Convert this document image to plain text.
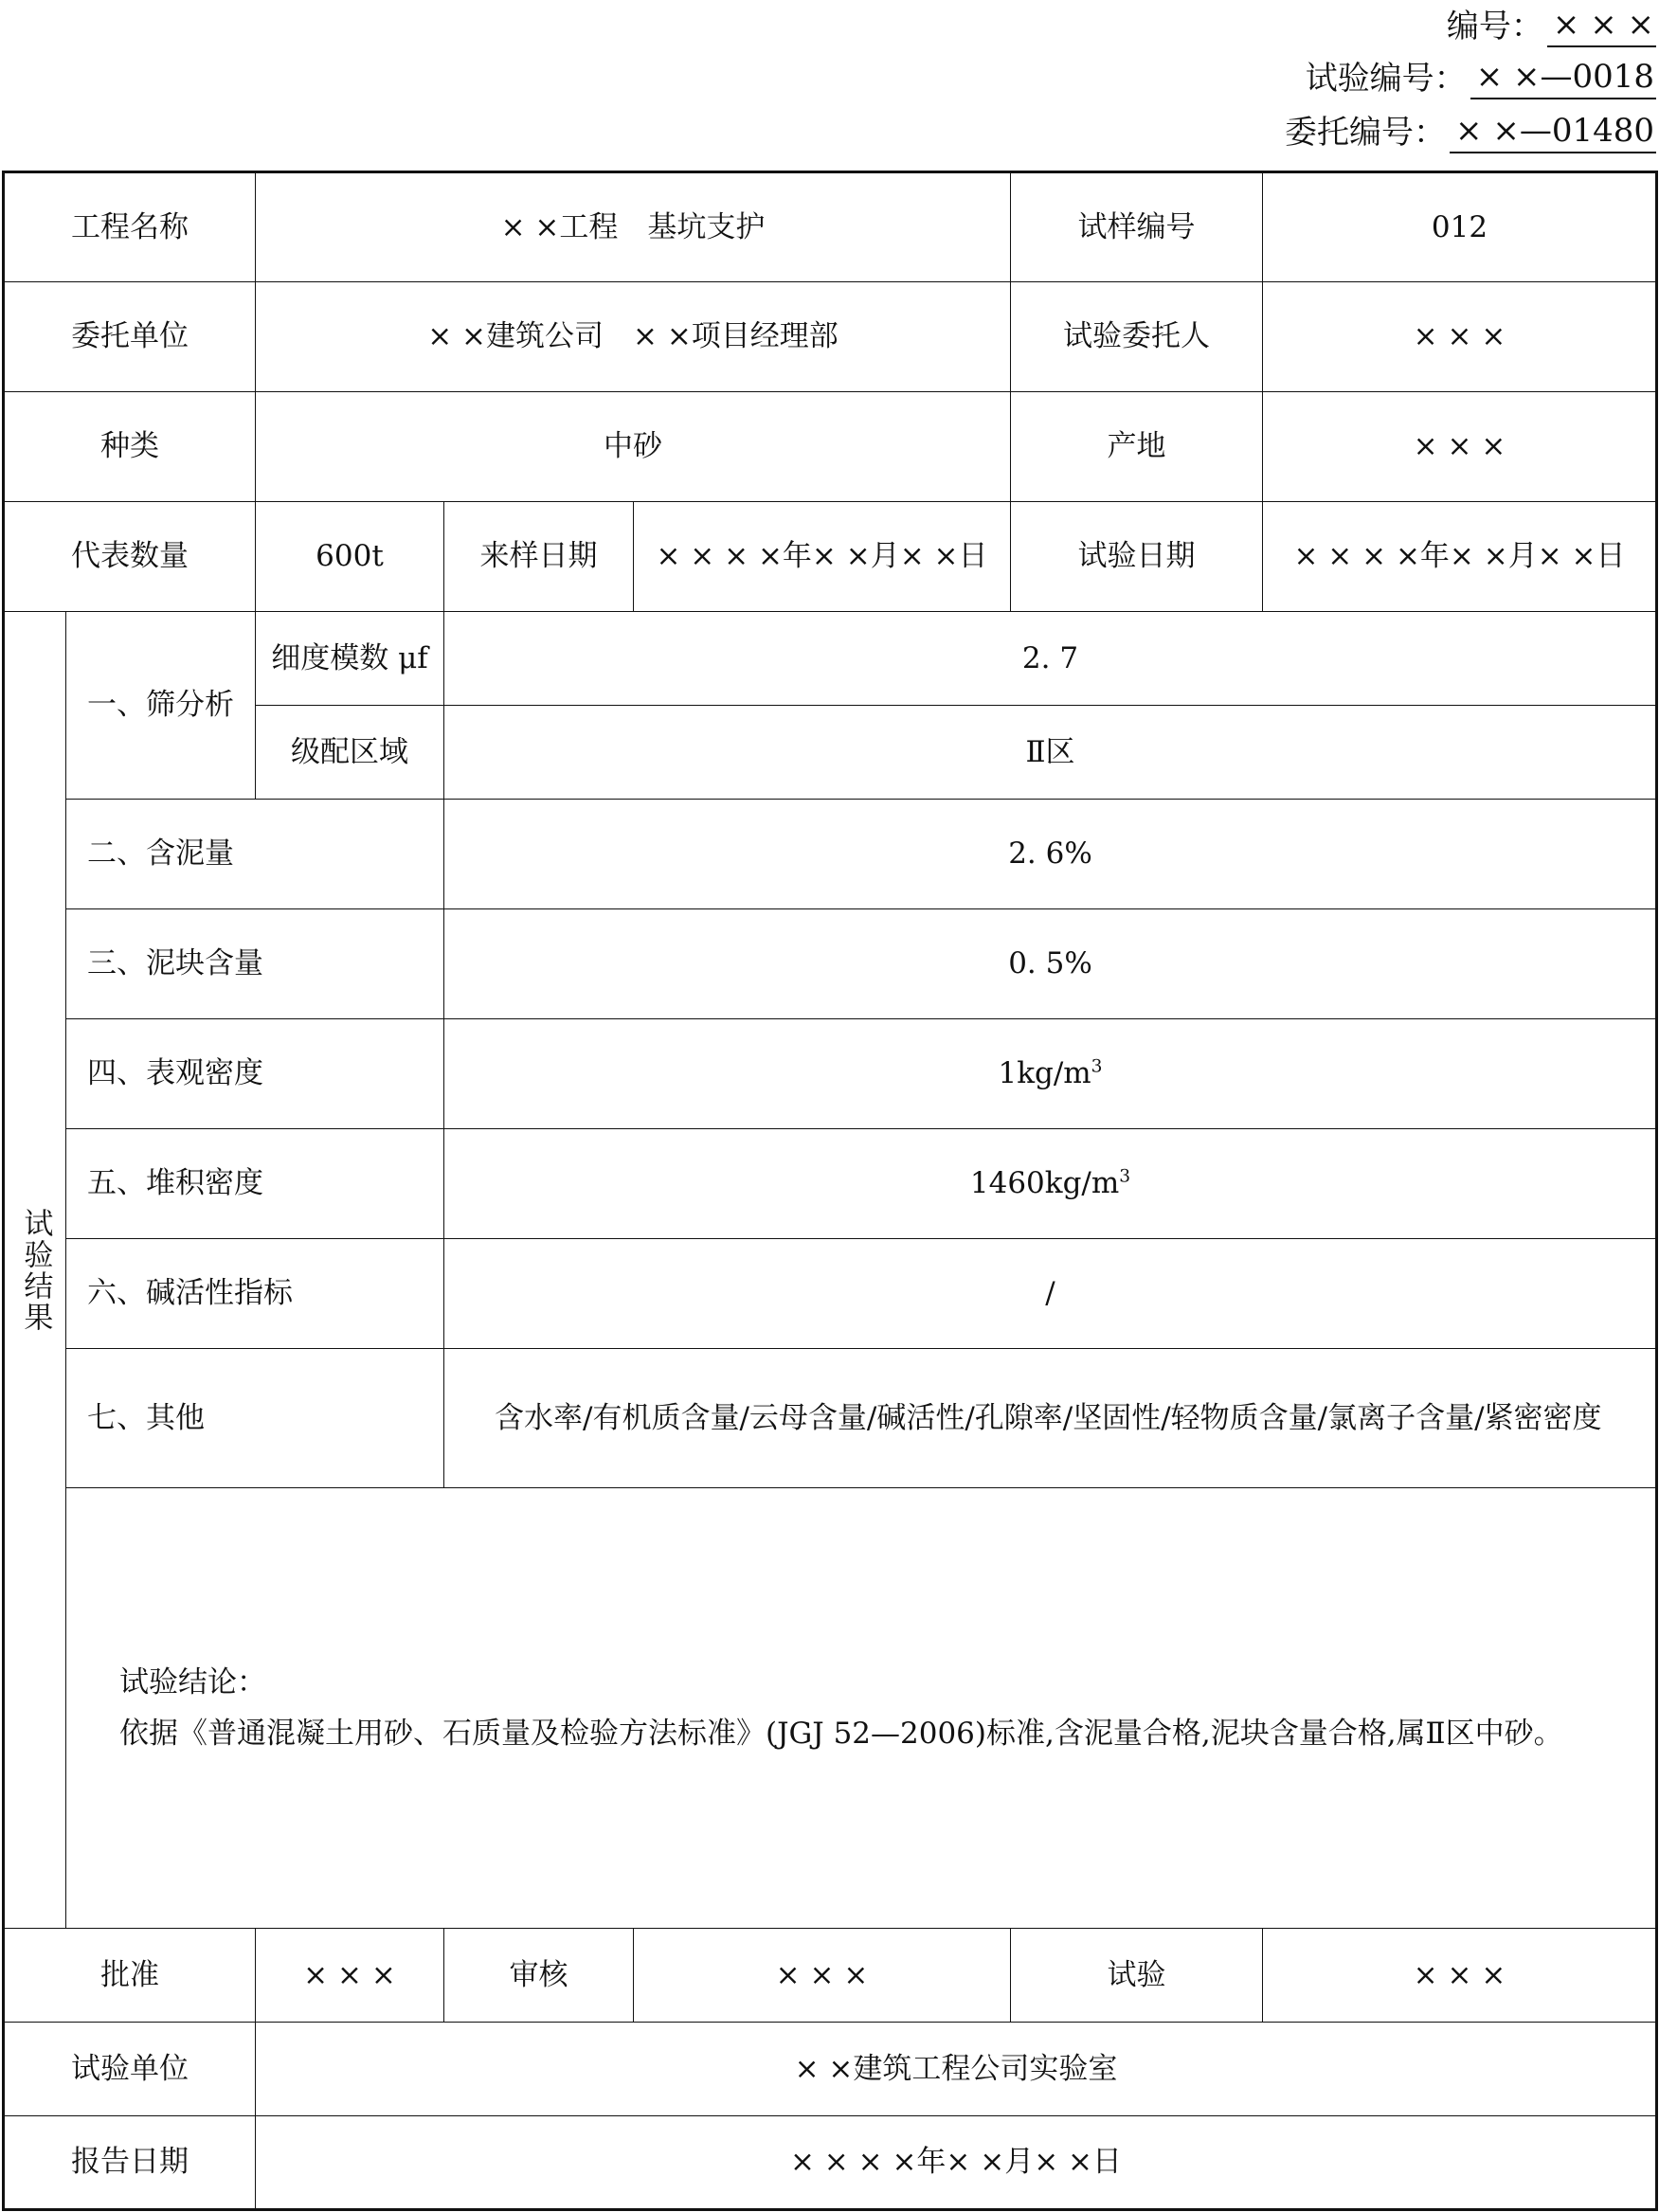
编号： × × ×
试验编号： × ×—0018
委托编号： × ×—01480
工程名称		× ×工程　基坑支护			试样编号	012
委托单位		× ×建筑公司　× ×项目经理部			试验委托人	× × ×
种类		中砂			产地	× × ×
代表数量		600t	来样日期	× × × ×年× ×月× ×日	试验日期	× × × ×年× ×月× ×日
试验结果	一、筛分析	细度模数 μf	2. 7			
		级配区域	Ⅱ区			
	二、含泥量		2. 6%			
	三、泥块含量		0. 5%			
	四、表观密度		$1kg/m^3$
	五、堆积密度		$1460kg/m^3$
	六、碱活性指标		/			
	七、其他		　含水率/有机质含量/云母含量/碱活性/孔隙率/坚固性/轻物质含量/氯离子含量/紧密密度			

	试验结论：
依据《普通混凝土用砂、石质量及检验方法标准》(JGJ 52—2006)标准,含泥量合格,泥块含量合格,属Ⅱ区中砂。					

批准		× × ×	审核	× × ×	试验	× × ×
试验单位		× ×建筑工程公司实验室				
报告日期		× × × ×年× ×月× ×日				
